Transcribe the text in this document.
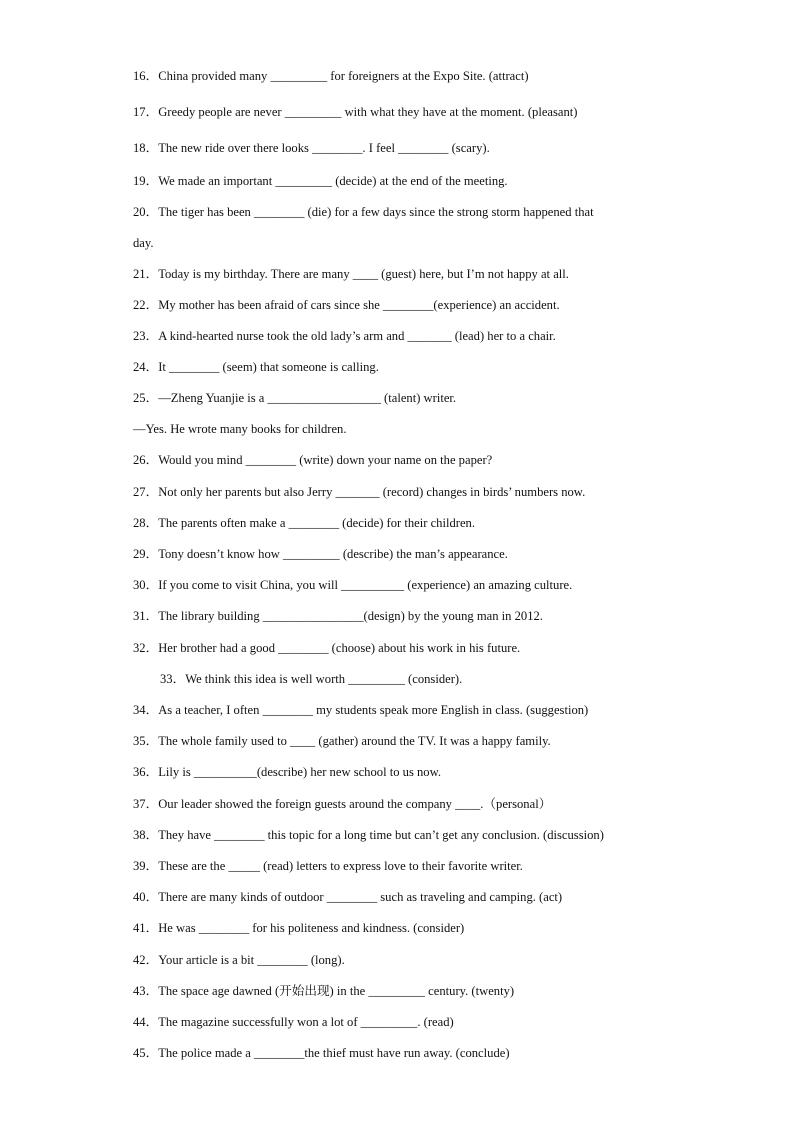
16．China provided many _________ for foreigners at the Expo Site. (attract)
17．Greedy people are never _________ with what they have at the moment. (pleasant)
18．The new ride over there looks ________. I feel ________ (scary).
19．We made an important _________ (decide) at the end of the meeting.
20．The tiger has been ________ (die) for a few days since the strong storm happened that
day.
21．Today is my birthday. There are many ____ (guest) here, but I’m not happy at all.
22．My mother has been afraid of cars since she ________(experience) an accident.
23．A kind-hearted nurse took the old lady’s arm and _______ (lead) her to a chair.
24．It ________ (seem) that someone is calling.
25．—Zheng Yuanjie is a __________________ (talent) writer.
—Yes. He wrote many books for children.
26．Would you mind ________ (write) down your name on the paper?
27．Not only her parents but also Jerry _______ (record) changes in birds’ numbers now.
28．The parents often make a ________ (decide) for their children.
29．Tony doesn’t know how _________ (describe) the man’s appearance.
30．If you come to visit China, you will __________ (experience) an amazing culture.
31．The library building ________________(design) by the young man in 2012.
32．Her brother had a good ________ (choose) about his work in his future.
33．We think this idea is well worth _________ (consider).
34．As a teacher, I often ________ my students speak more English in class. (suggestion)
35．The whole family used to ____ (gather) around the TV. It was a happy family.
36．Lily is __________(describe) her new school to us now.
37．Our leader showed the foreign guests around the company ____.（personal）
38．They have ________ this topic for a long time but can’t get any conclusion. (discussion)
39．These are the _____ (read) letters to express love to their favorite writer.
40．There are many kinds of outdoor ________ such as traveling and camping. (act)
41．He was ________ for his politeness and kindness. (consider)
42．Your article is a bit ________ (long).
43．The space age dawned (开始出现) in the _________ century. (twenty)
44．The magazine successfully won a lot of _________. (read)
45．The police made a ________the thief must have run away. (conclude)
